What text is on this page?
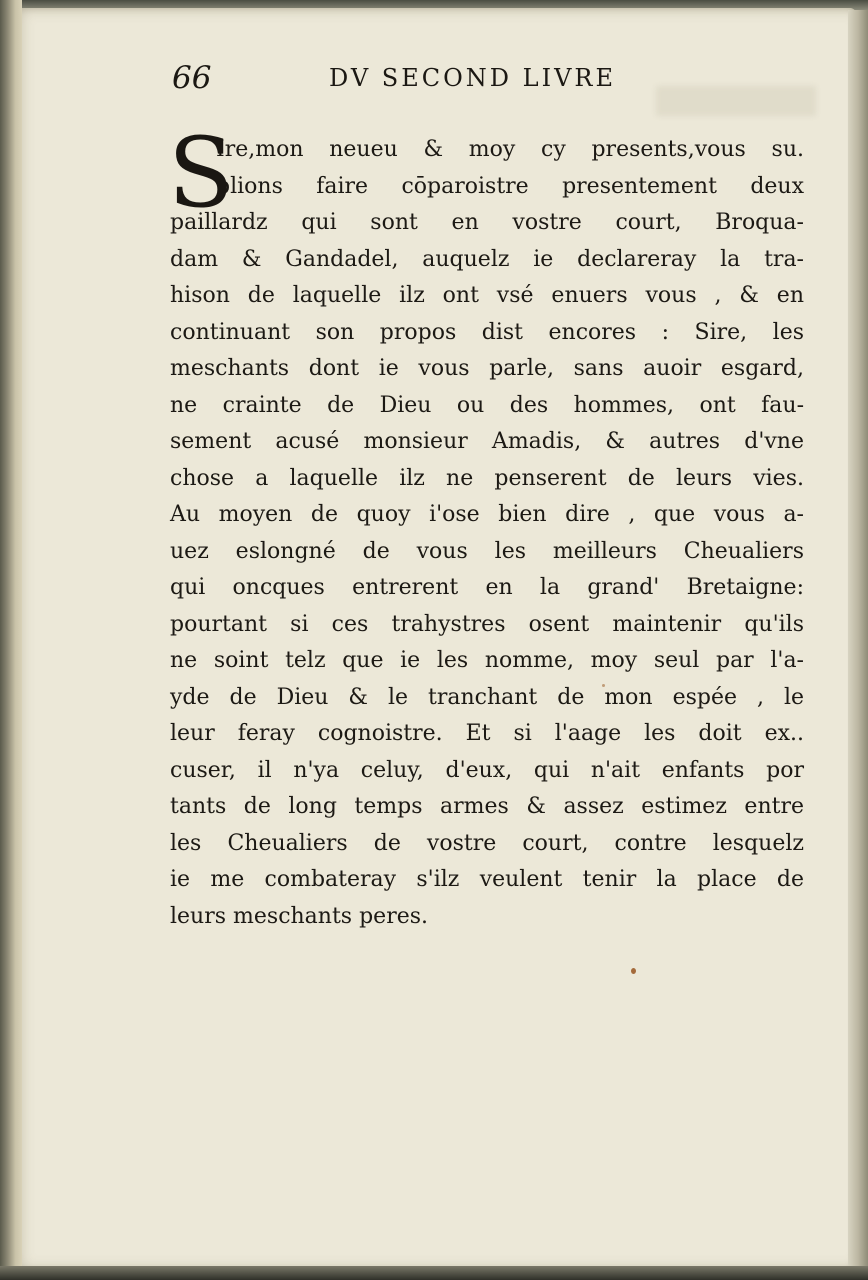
66	DV SECOND LIVRE
S
Ire,mon neueu & moy cy presents,vous su.
plions faire cōparoistre presentement deux
paillardz qui sont en vostre court, Broqua-
dam & Gandadel, auquelz ie declareray la tra-
hison de laquelle ilz ont vsé enuers vous , & en
continuant son propos dist encores : Sire, les
meschants dont ie vous parle, sans auoir esgard,
ne crainte de Dieu ou des hommes, ont fau-
sement acusé monsieur Amadis, & autres d'vne
chose a laquelle ilz ne penserent de leurs vies.
Au moyen de quoy i'ose bien dire , que vous a-
uez eslongné de vous les meilleurs Cheualiers
qui oncques entrerent en la grand' Bretaigne:
pourtant si ces trahystres osent maintenir qu'ils
ne soint telz que ie les nomme, moy seul par l'a-
yde de Dieu & le tranchant de mon espée , le
leur feray cognoistre. Et si l'aage les doit ex..
cuser, il n'ya celuy, d'eux, qui n'ait enfants por
tants de long temps armes & assez estimez entre
les Cheualiers de vostre court, contre lesquelz
ie me combateray s'ilz veulent tenir la place de
leurs meschants peres.
